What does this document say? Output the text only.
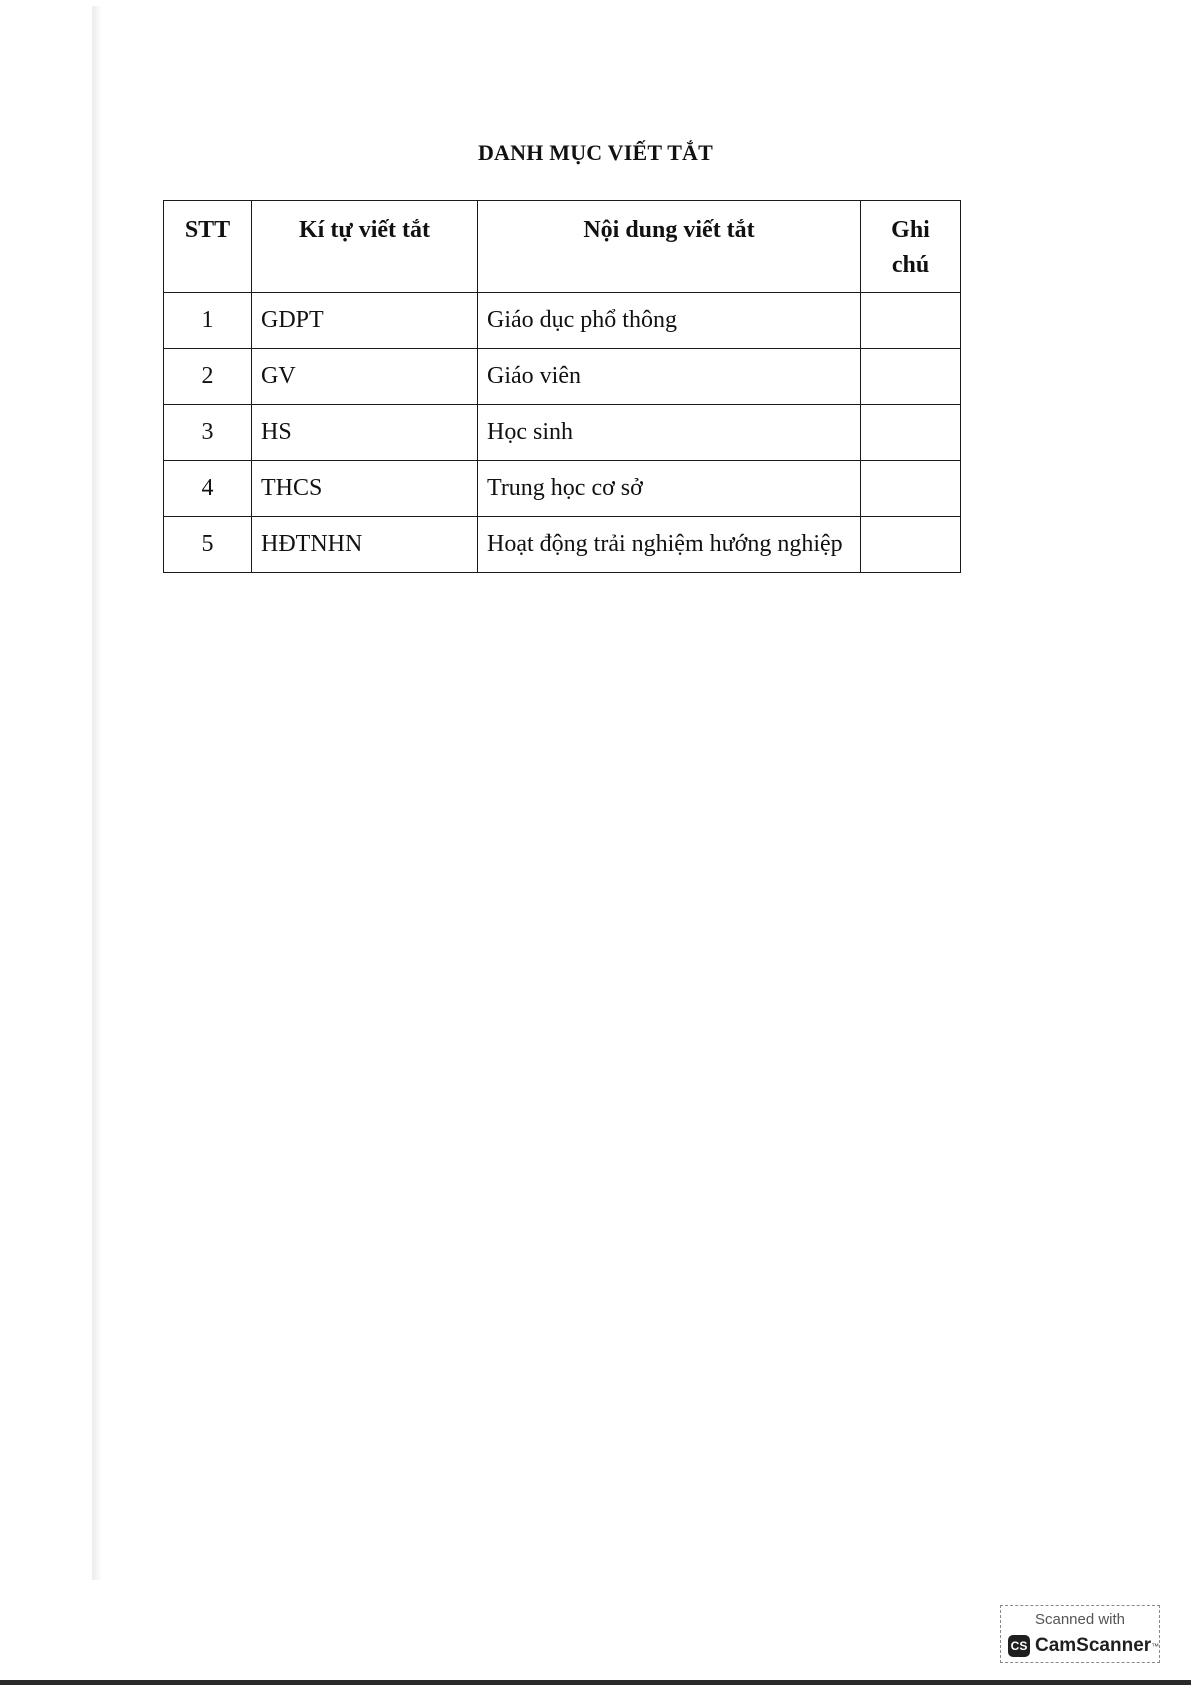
DANH MỤC VIẾT TẮT
STT	Kí tự viết tắt	Nội dung viết tắt	Ghi chú
1	GDPT	Giáo dục phổ thông	
2	GV	Giáo viên	
3	HS	Học sinh	
4	THCS	Trung học cơ sở	
5	HĐTNHN	Hoạt động trải nghiệm hướng nghiệp	
Scanned with
CS CamScanner ™
